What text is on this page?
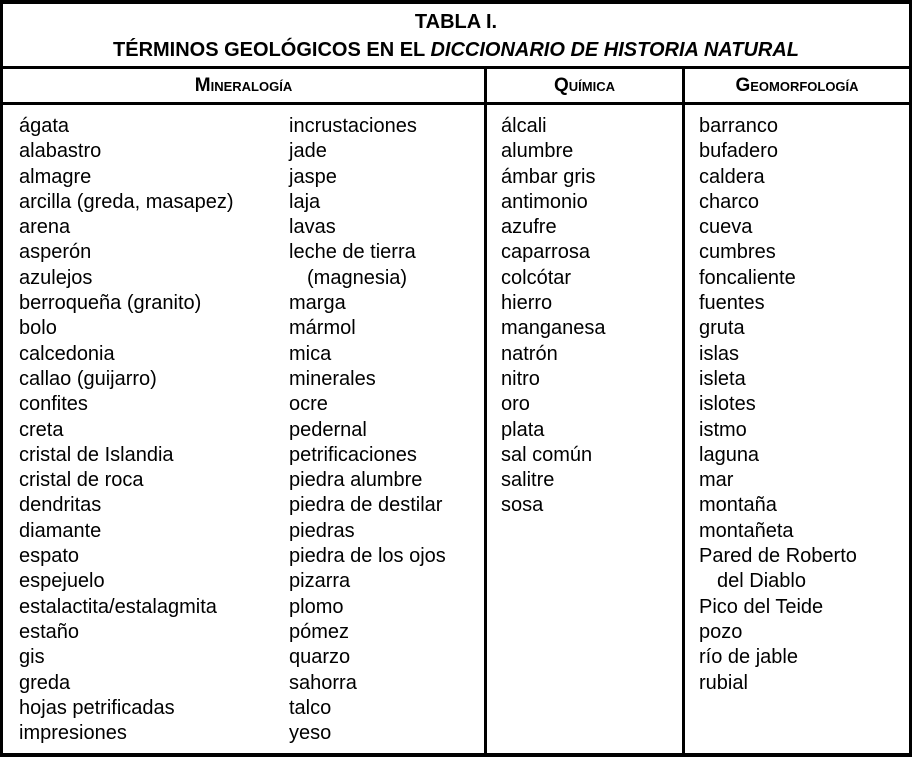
TABLA I.
TÉRMINOS GEOLÓGICOS EN EL DICCIONARIO DE HISTORIA NATURAL
Mineralogía	Química	Geomorfología
ágata
alabastro
almagre
arcilla (greda, masapez)
arena
asperón
azulejos
berroqueña (granito)
bolo
calcedonia
callao (guijarro)
confites
creta
cristal de Islandia
cristal de roca
dendritas
diamante
espato
espejuelo
estalactita/estalagmita
estaño
gis
greda
hojas petrificadas
impresiones
incrustaciones
jade
jaspe
laja
lavas
leche de tierra
(magnesia)
marga
mármol
mica
minerales
ocre
pedernal
petrificaciones
piedra alumbre
piedra de destilar
piedras
piedra de los ojos
pizarra
plomo
pómez
quarzo
sahorra
talco
yeso
álcali
alumbre
ámbar gris
antimonio
azufre
caparrosa
colcótar
hierro
manganesa
natrón
nitro
oro
plata
sal común
salitre
sosa
barranco
bufadero
caldera
charco
cueva
cumbres
foncaliente
fuentes
gruta
islas
isleta
islotes
istmo
laguna
mar
montaña
montañeta
Pared de Roberto
del Diablo
Pico del Teide
pozo
río de jable
rubial
